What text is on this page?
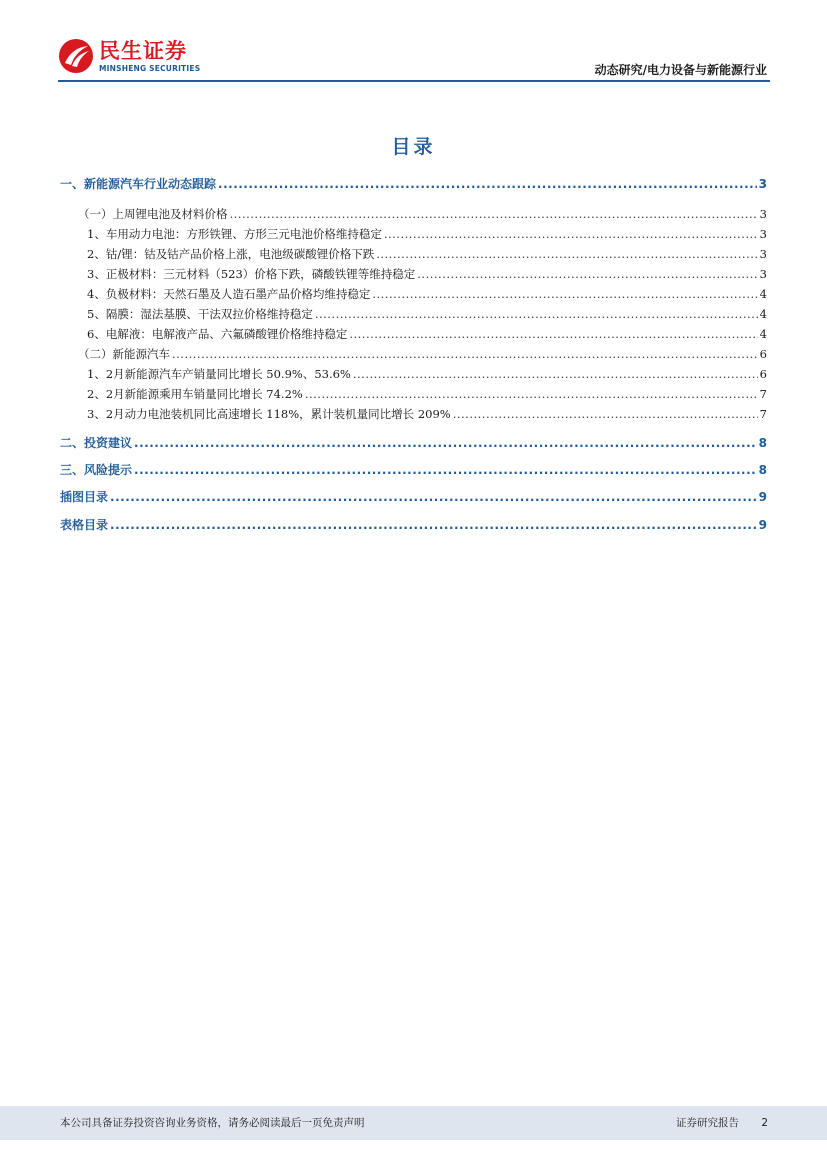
民生证券
MINSHENG SECURITIES	动态研究/电力设备与新能源行业
目录
一、新能源汽车行业动态跟踪 .....	3
（一）上周锂电池及材料价格 .....	3
1、车用动力电池：方形铁锂、方形三元电池价格维持稳定 .....	3
2、钴/锂：钴及钴产品价格上涨，电池级碳酸锂价格下跌 .....	3
3、正极材料：三元材料（523）价格下跌，磷酸铁锂等维持稳定 .....	3
4、负极材料：天然石墨及人造石墨产品价格均维持稳定 .....	4
5、隔膜：湿法基膜、干法双拉价格维持稳定 .....	4
6、电解液：电解液产品、六氟磷酸锂价格维持稳定 .....	4
（二）新能源汽车 .....	6
1、2月新能源汽车产销量同比增长 50.9%、53.6% .....	6
2、2月新能源乘用车销量同比增长 74.2% .....	7
3、2月动力电池装机同比高速增长 118%，累计装机量同比增长 209% .....	7
二、投资建议 .....	8
三、风险提示 .....	8
插图目录 .....	9
表格目录 .....	9
本公司具备证券投资咨询业务资格，请务必阅读最后一页免责声明	证券研究报告 2
